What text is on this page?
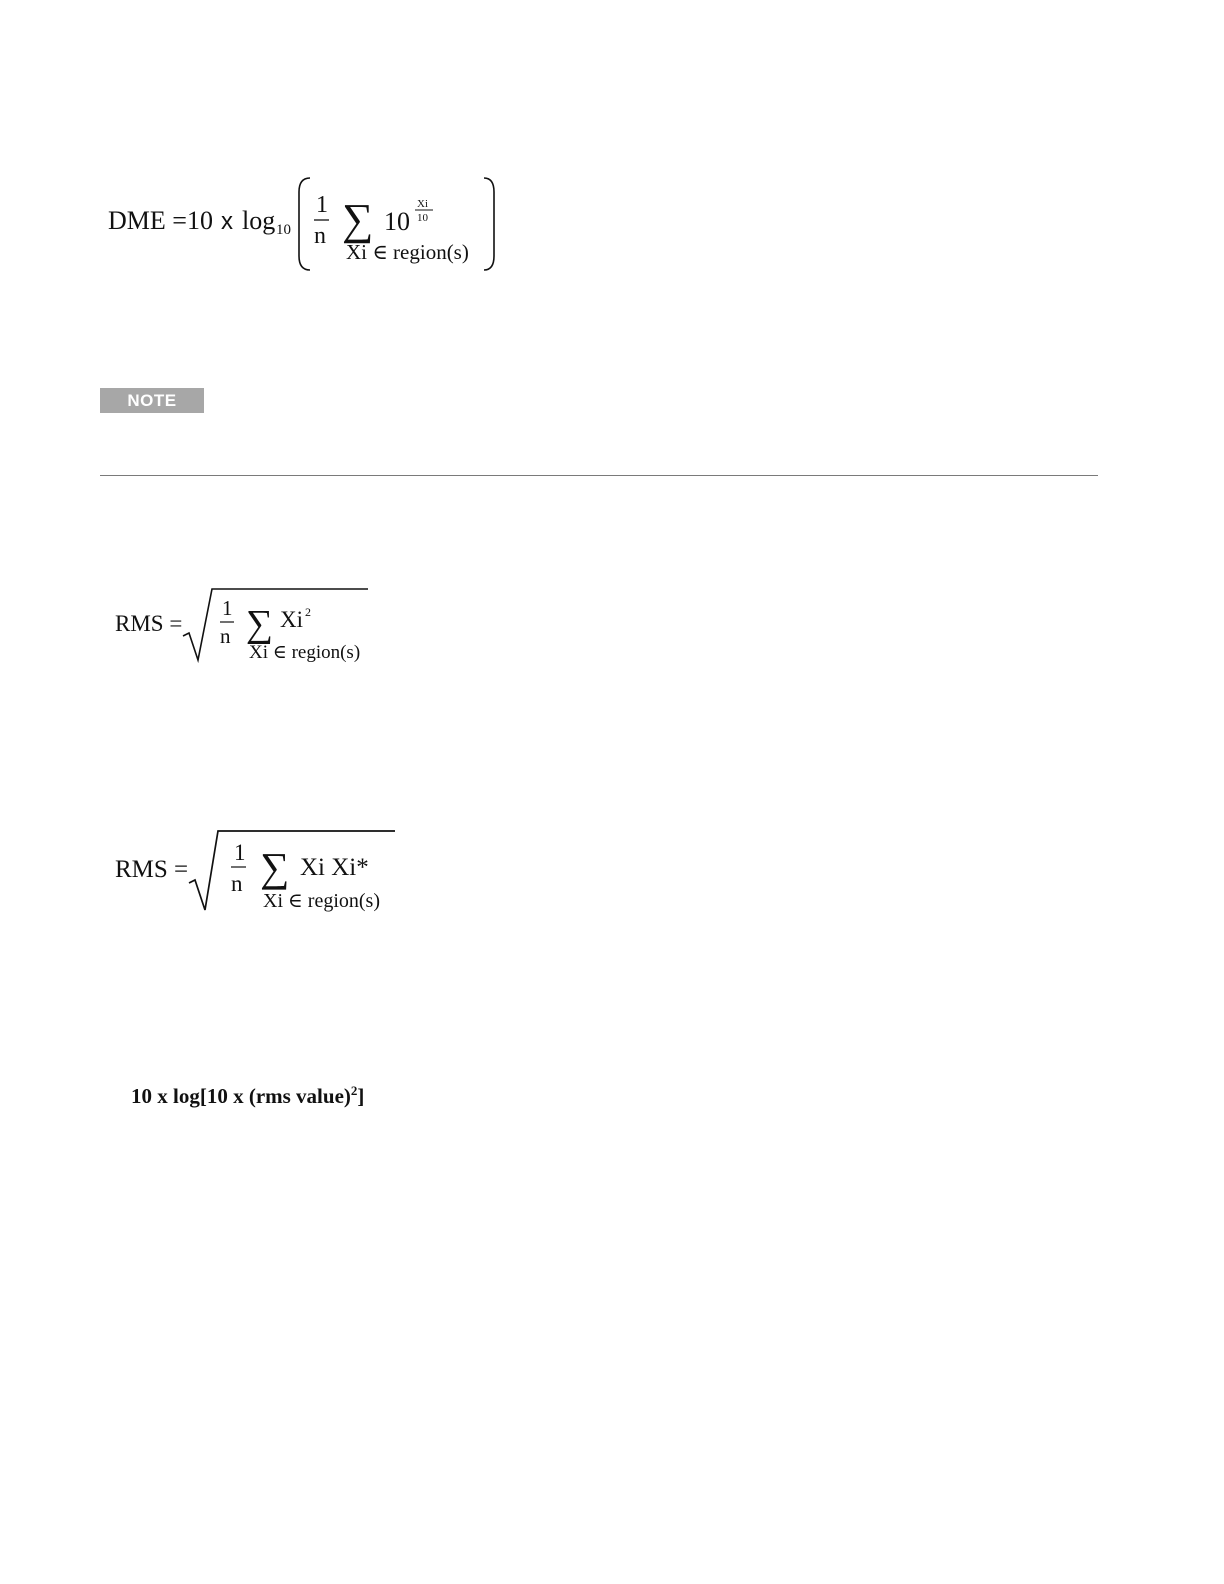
DME =10 x log 10
1
n ∑ 10
Xi
10
Xi ∈ region(s)
NOTE
RMS =
1
n ∑ Xi 2
Xi ∈ region(s)
RMS =
1
n ∑ Xi Xi*
Xi ∈ region(s)
10 x log[10 x (rms value)$^2$]
